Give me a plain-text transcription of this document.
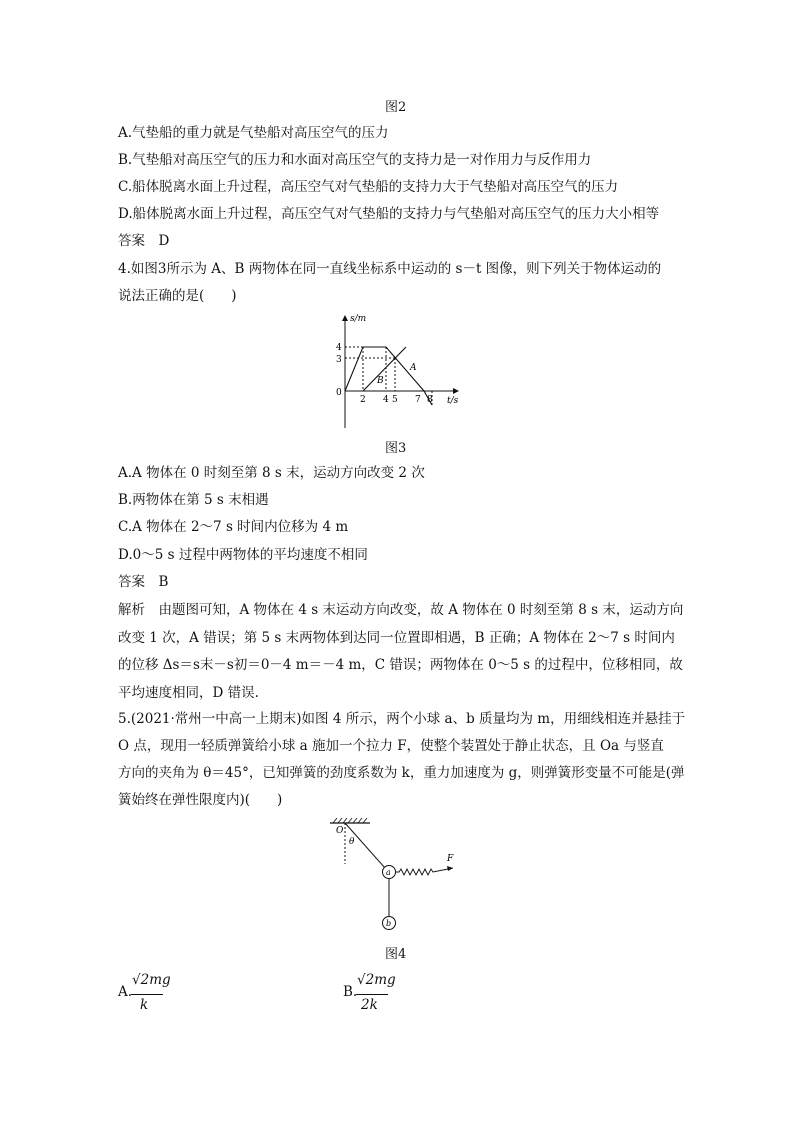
图2
A.气垫船的重力就是气垫船对高压空气的压力
B.气垫船对高压空气的压力和水面对高压空气的支持力是一对作用力与反作用力
C.船体脱离水面上升过程，高压空气对气垫船的支持力大于气垫船对高压空气的压力
D.船体脱离水面上升过程，高压空气对气垫船的支持力与气垫船对高压空气的压力大小相等
答案　D
4.如图3所示为 A、B 两物体在同一直线坐标系中运动的 s－t 图像，则下列关于物体运动的
说法正确的是(　　)
s/m
t/s
0
4
3
2 4 5 7 8
A
B
图3
A.A 物体在 0 时刻至第 8 s 末，运动方向改变 2 次
B.两物体在第 5 s 末相遇
C.A 物体在 2～7 s 时间内位移为 4 m
D.0～5 s 过程中两物体的平均速度不相同
答案　B
解析　由题图可知，A 物体在 4 s 末运动方向改变，故 A 物体在 0 时刻至第 8 s 末，运动方向
改变 1 次，A 错误；第 5 s 末两物体到达同一位置即相遇，B 正确；A 物体在 2～7 s 时间内
的位移 Δs＝s末－s初＝0－4 m＝－4 m，C 错误；两物体在 0～5 s 的过程中，位移相同，故
平均速度相同，D 错误.
5.(2021·常州一中高一上期末)如图 4 所示，两个小球 a、b 质量均为 m，用细线相连并悬挂于
O 点，现用一轻质弹簧给小球 a 施加一个拉力 F，使整个装置处于静止状态，且 Oa 与竖直
方向的夹角为 θ＝45°，已知弹簧的劲度系数为 k，重力加速度为 g，则弹簧形变量不可能是(弹
簧始终在弹性限度内)(　　)
O
θ
a
b
F
图4
A.
√2mg
k
B.
√2mg
2k
